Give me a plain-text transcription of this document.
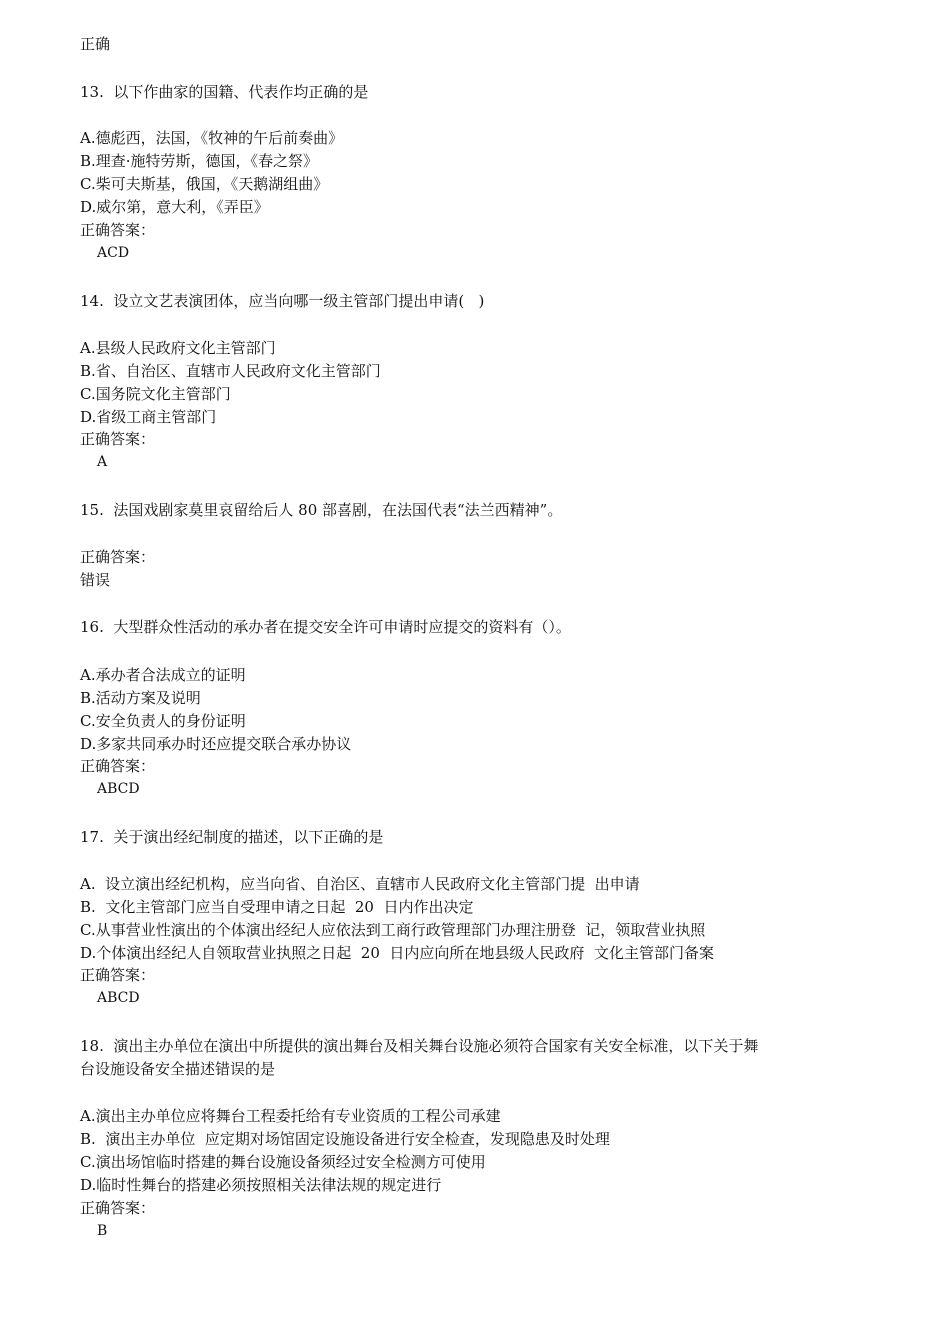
正确
13.  以下作曲家的国籍、代表作均正确的是
A.德彪西，法国，《牧神的午后前奏曲》
B.理查·施特劳斯，德国，《春之祭》
C.柴可夫斯基，俄国，《天鹅湖组曲》
D.威尔第，意大利，《弄臣》
正确答案：
ACD
14.  设立文艺表演团体，应当向哪一级主管部门提出申请(   )
A.县级人民政府文化主管部门
B.省、自治区、直辖市人民政府文化主管部门
C.国务院文化主管部门
D.省级工商主管部门
正确答案：
A
15.  法国戏剧家莫里哀留给后人 80 部喜剧，在法国代表“法兰西精神”。
正确答案：
错误
16.  大型群众性活动的承办者在提交安全许可申请时应提交的资料有（）。
A.承办者合法成立的证明
B.活动方案及说明
C.安全负责人的身份证明
D.多家共同承办时还应提交联合承办协议
正确答案：
ABCD
17.  关于演出经纪制度的描述，以下正确的是
A.  设立演出经纪机构，应当向省、自治区、直辖市人民政府文化主管部门提  出申请
B.  文化主管部门应当自受理申请之日起  20  日内作出决定
C.从事营业性演出的个体演出经纪人应依法到工商行政管理部门办理注册登  记，领取营业执照
D.个体演出经纪人自领取营业执照之日起  20  日内应向所在地县级人民政府  文化主管部门备案
正确答案：
ABCD
18.  演出主办单位在演出中所提供的演出舞台及相关舞台设施必须符合国家有关安全标准，以下关于舞
台设施设备安全描述错误的是
A.演出主办单位应将舞台工程委托给有专业资质的工程公司承建
B.  演出主办单位  应定期对场馆固定设施设备进行安全检查，发现隐患及时处理
C.演出场馆临时搭建的舞台设施设备须经过安全检测方可使用
D.临时性舞台的搭建必须按照相关法律法规的规定进行
正确答案：
B
